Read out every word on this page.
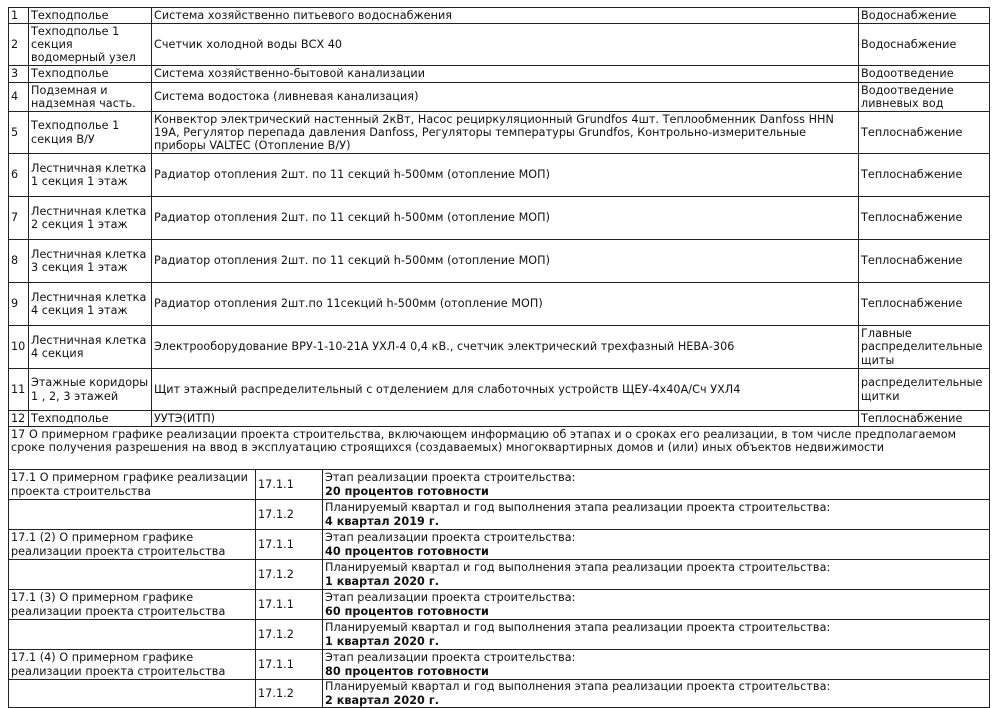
1	Техподполье	Система хозяйственно питьевого водоснабжения	Водоснабжение
2	Техподполье 1 секция водомерный узел	Счетчик холодной воды ВСХ 40	Водоснабжение
3	Техподполье	Система хозяйственно-бытовой канализации	Водоотведение
4	Подземная и надземная часть.	Система водостока (ливневая канализация)	Водоотведение ливневых вод
5	Техподполье 1 секция В/У	Конвектор электрический настенный 2кВт, Насос рециркуляционный Grundfos 4шт. Теплообменник Danfoss HHN 19A, Регулятор перепада давления Danfoss, Регуляторы температуры Grundfos, Контрольно-измерительные приборы VALTEC (Отопление В/У)	Теплоснабжение
6	Лестничная клетка 1 секция 1 этаж	Радиатор отопления 2шт. по 11 секций h-500мм (отопление МОП)	Теплоснабжение
7	Лестничная клетка 2 секция 1 этаж	Радиатор отопления 2шт. по 11 секций h-500мм (отопление МОП)	Теплоснабжение
8	Лестничная клетка 3 секция 1 этаж	Радиатор отопления 2шт. по 11 секций h-500мм (отопление МОП)	Теплоснабжение
9	Лестничная клетка 4 секция 1 этаж	Радиатор отопления 2шт.по 11секций h-500мм (отопление МОП)	Теплоснабжение
10	Лестничная клетка 4 секция	Электрооборудование ВРУ-1-10-21А УХЛ-4 0,4 кВ., счетчик электрический трехфазный НЕВА-306	Главные распределительные щиты
11	Этажные коридоры 1 , 2, 3 этажей	Щит этажный распределительный с отделением для слаботочных устройств ЩЕУ-4х40А/Сч УХЛ4	распределительные щитки
12	Техподполье	УУТЭ(ИТП)	Теплоснабжение
17 О примерном графике реализации проекта строительства, включающем информацию об этапах и о сроках его реализации, в том числе предполагаемом сроке получения разрешения на ввод в эксплуатацию строящихся (создаваемых) многоквартирных домов и (или) иных объектов недвижимости		
17.1 О примерном графике реализации проекта строительства	17.1.1	Этап реализации проекта строительства:
20 процентов готовности

	17.1.2	Планируемый квартал и год выполнения этапа реализации проекта строительства:
4 квартал 2019 г.

17.1 (2) О примерном графике реализации проекта строительства	17.1.1	Этап реализации проекта строительства:
40 процентов готовности

	17.1.2	Планируемый квартал и год выполнения этапа реализации проекта строительства:
1 квартал 2020 г.

17.1 (3) О примерном графике реализации проекта строительства	17.1.1	Этап реализации проекта строительства:
60 процентов готовности

	17.1.2	Планируемый квартал и год выполнения этапа реализации проекта строительства:
1 квартал 2020 г.

17.1 (4) О примерном графике реализации проекта строительства	17.1.1	Этап реализации проекта строительства:
80 процентов готовности

	17.1.2	Планируемый квартал и год выполнения этапа реализации проекта строительства:
2 квартал 2020 г.
